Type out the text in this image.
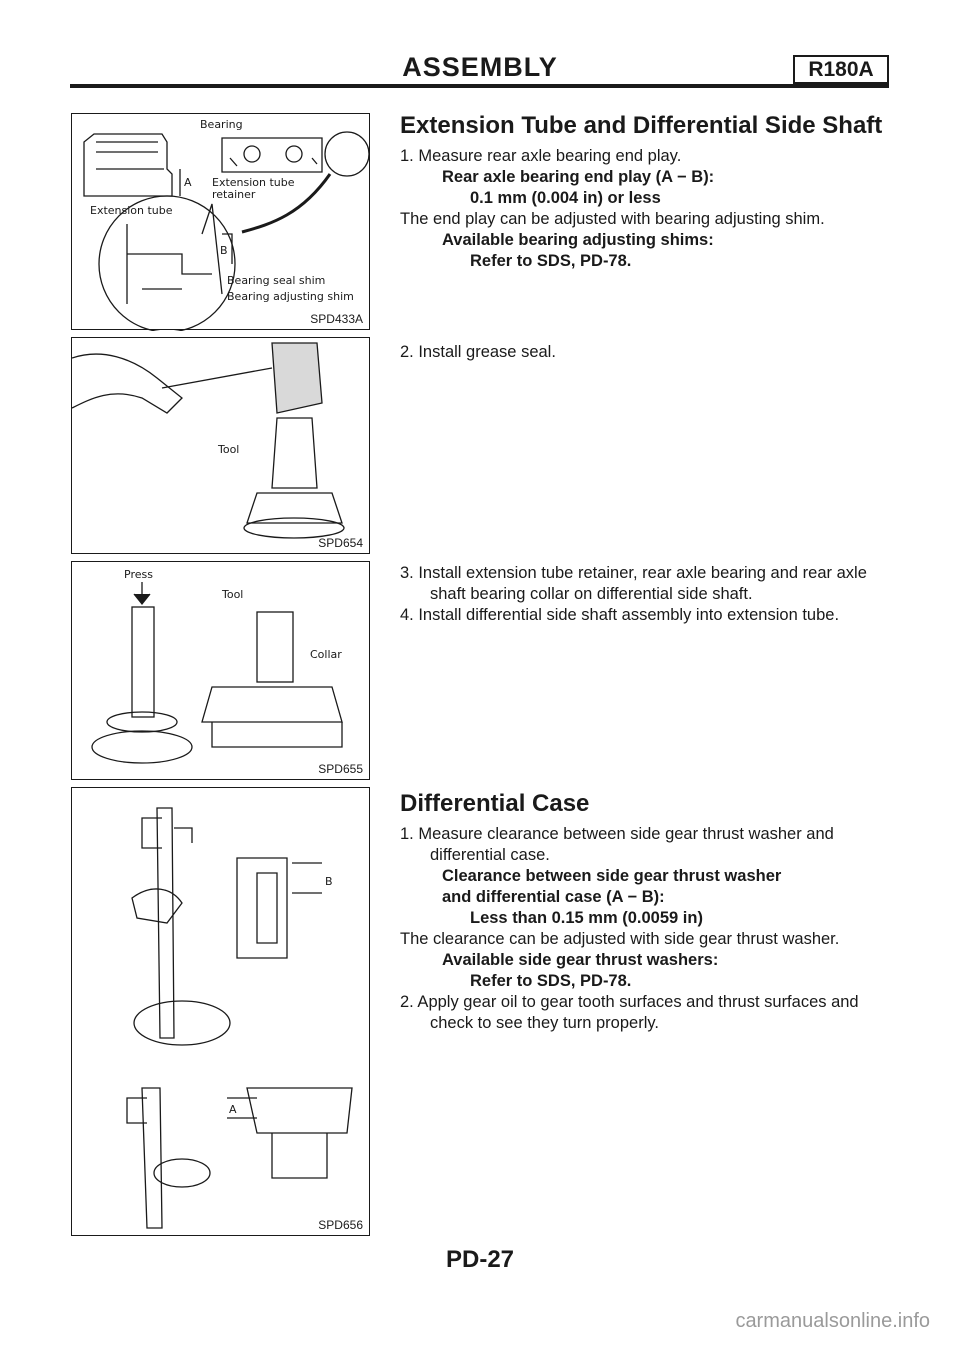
ASSEMBLY	R180A
Bearing
Extension tube
retainer
Extension tube
A
B
Bearing seal shim
Bearing adjusting shim
SPD433A
Tool
SPD654
Press
Tool
Collar
SPD655
B
A
SPD656
Extension Tube and Differential Side Shaft
1. Measure rear axle bearing end play.
Rear axle bearing end play (A − B):
0.1 mm (0.004 in) or less
The end play can be adjusted with bearing adjusting shim.
Available bearing adjusting shims:
Refer to SDS, PD-78.
2. Install grease seal.
3. Install extension tube retainer, rear axle bearing and rear axle shaft bearing collar on differential side shaft.
4. Install differential side shaft assembly into extension tube.
Differential Case
1. Measure clearance between side gear thrust washer and differential case.
Clearance between side gear thrust washer
and differential case (A − B):
Less than 0.15 mm (0.0059 in)
The clearance can be adjusted with side gear thrust washer.
Available side gear thrust washers:
Refer to SDS, PD-78.
2. Apply gear oil to gear tooth surfaces and thrust surfaces and check to see they turn properly.
PD-27
carmanualsonline.info
